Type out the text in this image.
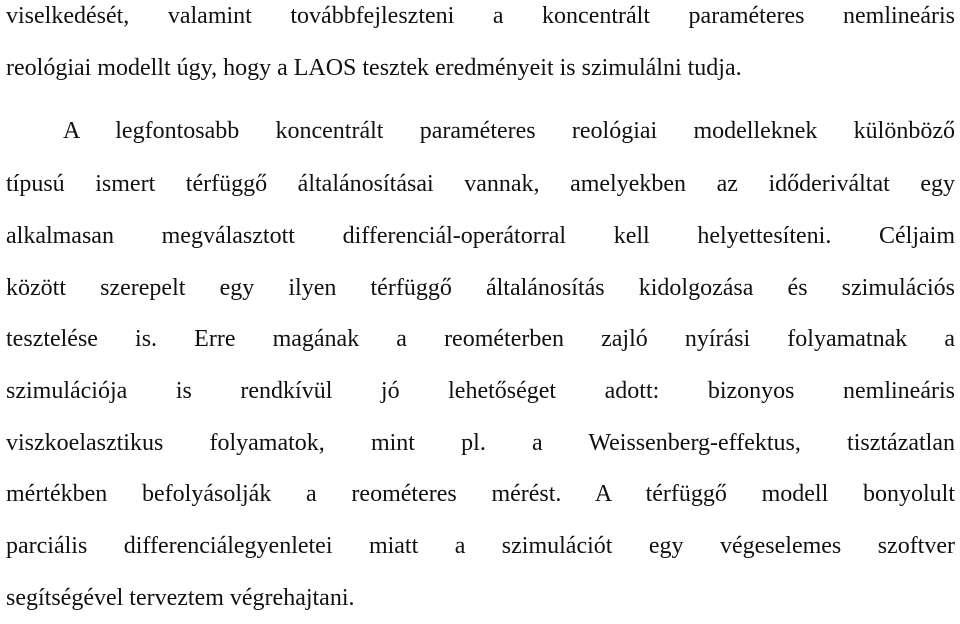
viselkedését, valamint továbbfejleszteni a koncentrált paraméteres nemlineáris
reológiai modellt úgy, hogy a LAOS tesztek eredményeit is szimulálni tudja.
A legfontosabb koncentrált paraméteres reológiai modelleknek különböző
típusú ismert térfüggő általánosításai vannak, amelyekben az időderiváltat egy
alkalmasan megválasztott differenciál-operátorral kell helyettesíteni. Céljaim
között szerepelt egy ilyen térfüggő általánosítás kidolgozása és szimulációs
tesztelése is. Erre magának a reométerben zajló nyírási folyamatnak a
szimulációja is rendkívül jó lehetőséget adott: bizonyos nemlineáris
viszkoelasztikus folyamatok, mint pl. a Weissenberg-effektus, tisztázatlan
mértékben befolyásolják a reométeres mérést. A térfüggő modell bonyolult
parciális differenciálegyenletei miatt a szimulációt egy végeselemes szoftver
segítségével terveztem végrehajtani.
